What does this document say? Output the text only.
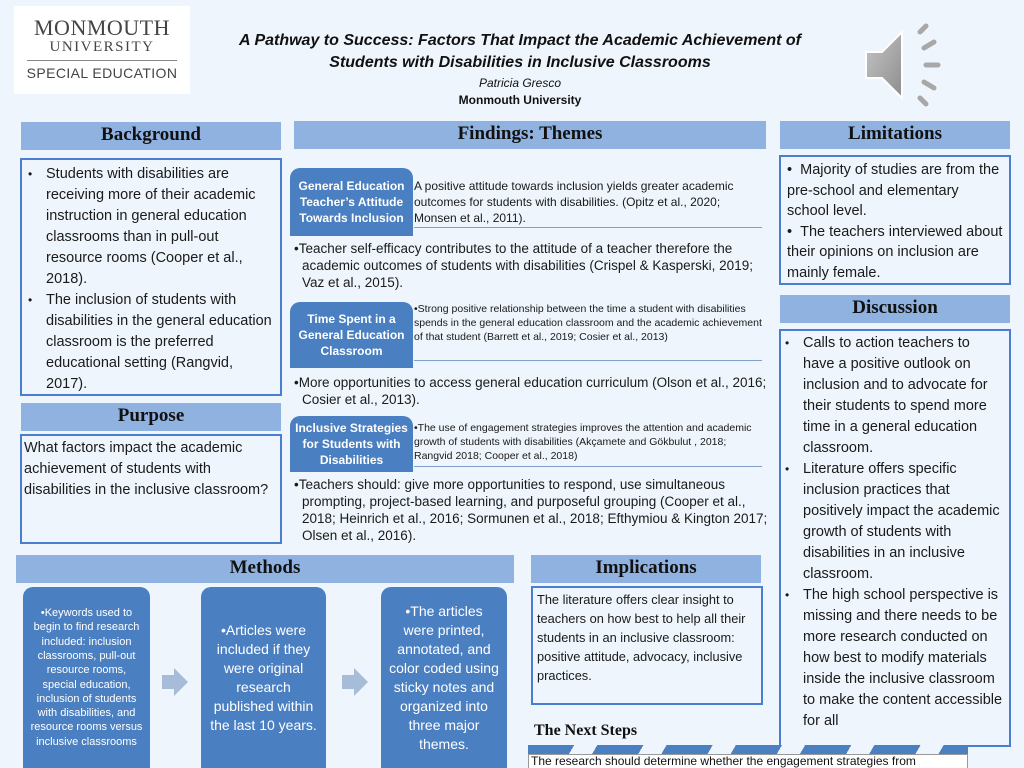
MONMOUTH
UNIVERSITY
SPECIAL EDUCATION
A Pathway to Success: Factors That Impact the Academic Achievement of
Students with Disabilities in Inclusive Classrooms
Patricia Gresco
Monmouth University
Background
• Students with disabilities are receiving more of their academic instruction in general education classrooms than in pull-out resource rooms (Cooper et al., 2018).
• The inclusion of students with disabilities in the general education classroom is the preferred educational setting (Rangvid, 2017).
Purpose
What factors impact the academic achievement of students with disabilities in the inclusive classroom?
Findings: Themes
General Education Teacher’s Attitude Towards Inclusion
A positive attitude towards inclusion yields greater academic outcomes for students with disabilities. (Opitz et al., 2020; Monsen et al., 2011).
•Teacher self-efficacy contributes to the attitude of a teacher therefore the academic outcomes of students with disabilities (Crispel & Kasperski, 2019; Vaz et al., 2015).
Time Spent in a General Education Classroom
•Strong positive relationship between the time a student with disabilities spends in the general education classroom and the academic achievement of that student (Barrett et al., 2019; Cosier et al., 2013)
•More opportunities to access general education curriculum (Olson et al., 2016; Cosier et al., 2013).
Inclusive Strategies for Students with Disabilities
•The use of engagement strategies improves the attention and academic growth of students with disabilities (Akçamete and Gökbulut , 2018; Rangvid 2018; Cooper et al., 2018)
•Teachers should: give more opportunities to respond, use simultaneous prompting, project-based learning, and purposeful grouping (Cooper et al., 2018; Heinrich et al., 2016; Sormunen et al., 2018; Efthymiou & Kington 2017; Olsen et al., 2016).
Limitations
•  Majority of studies are from the pre-school and elementary school level.
•  The teachers interviewed about their opinions on inclusion are mainly female.
Discussion
• Calls to action teachers to have a positive outlook on inclusion and to advocate for their students to spend more time in a general education classroom.
• Literature offers specific inclusion practices that positively impact the academic growth of students with disabilities in an inclusive classroom.
• The high school perspective is missing and there needs to be more research conducted on how best to modify materials inside the inclusive classroom to make the content accessible for all
Methods
•Keywords used to begin to find research included: inclusion classrooms, pull-out resource rooms, special education, inclusion of students with disabilities, and resource rooms versus inclusive classrooms
•Articles were included if they were original research published within the last 10 years.
•The articles were printed, annotated, and color coded using sticky notes and organized into three major themes.
Implications
The literature offers clear insight to teachers on how best to help all their students in an inclusive classroom: positive attitude, advocacy, inclusive practices.
The Next Steps
The research should determine whether the engagement strategies from
